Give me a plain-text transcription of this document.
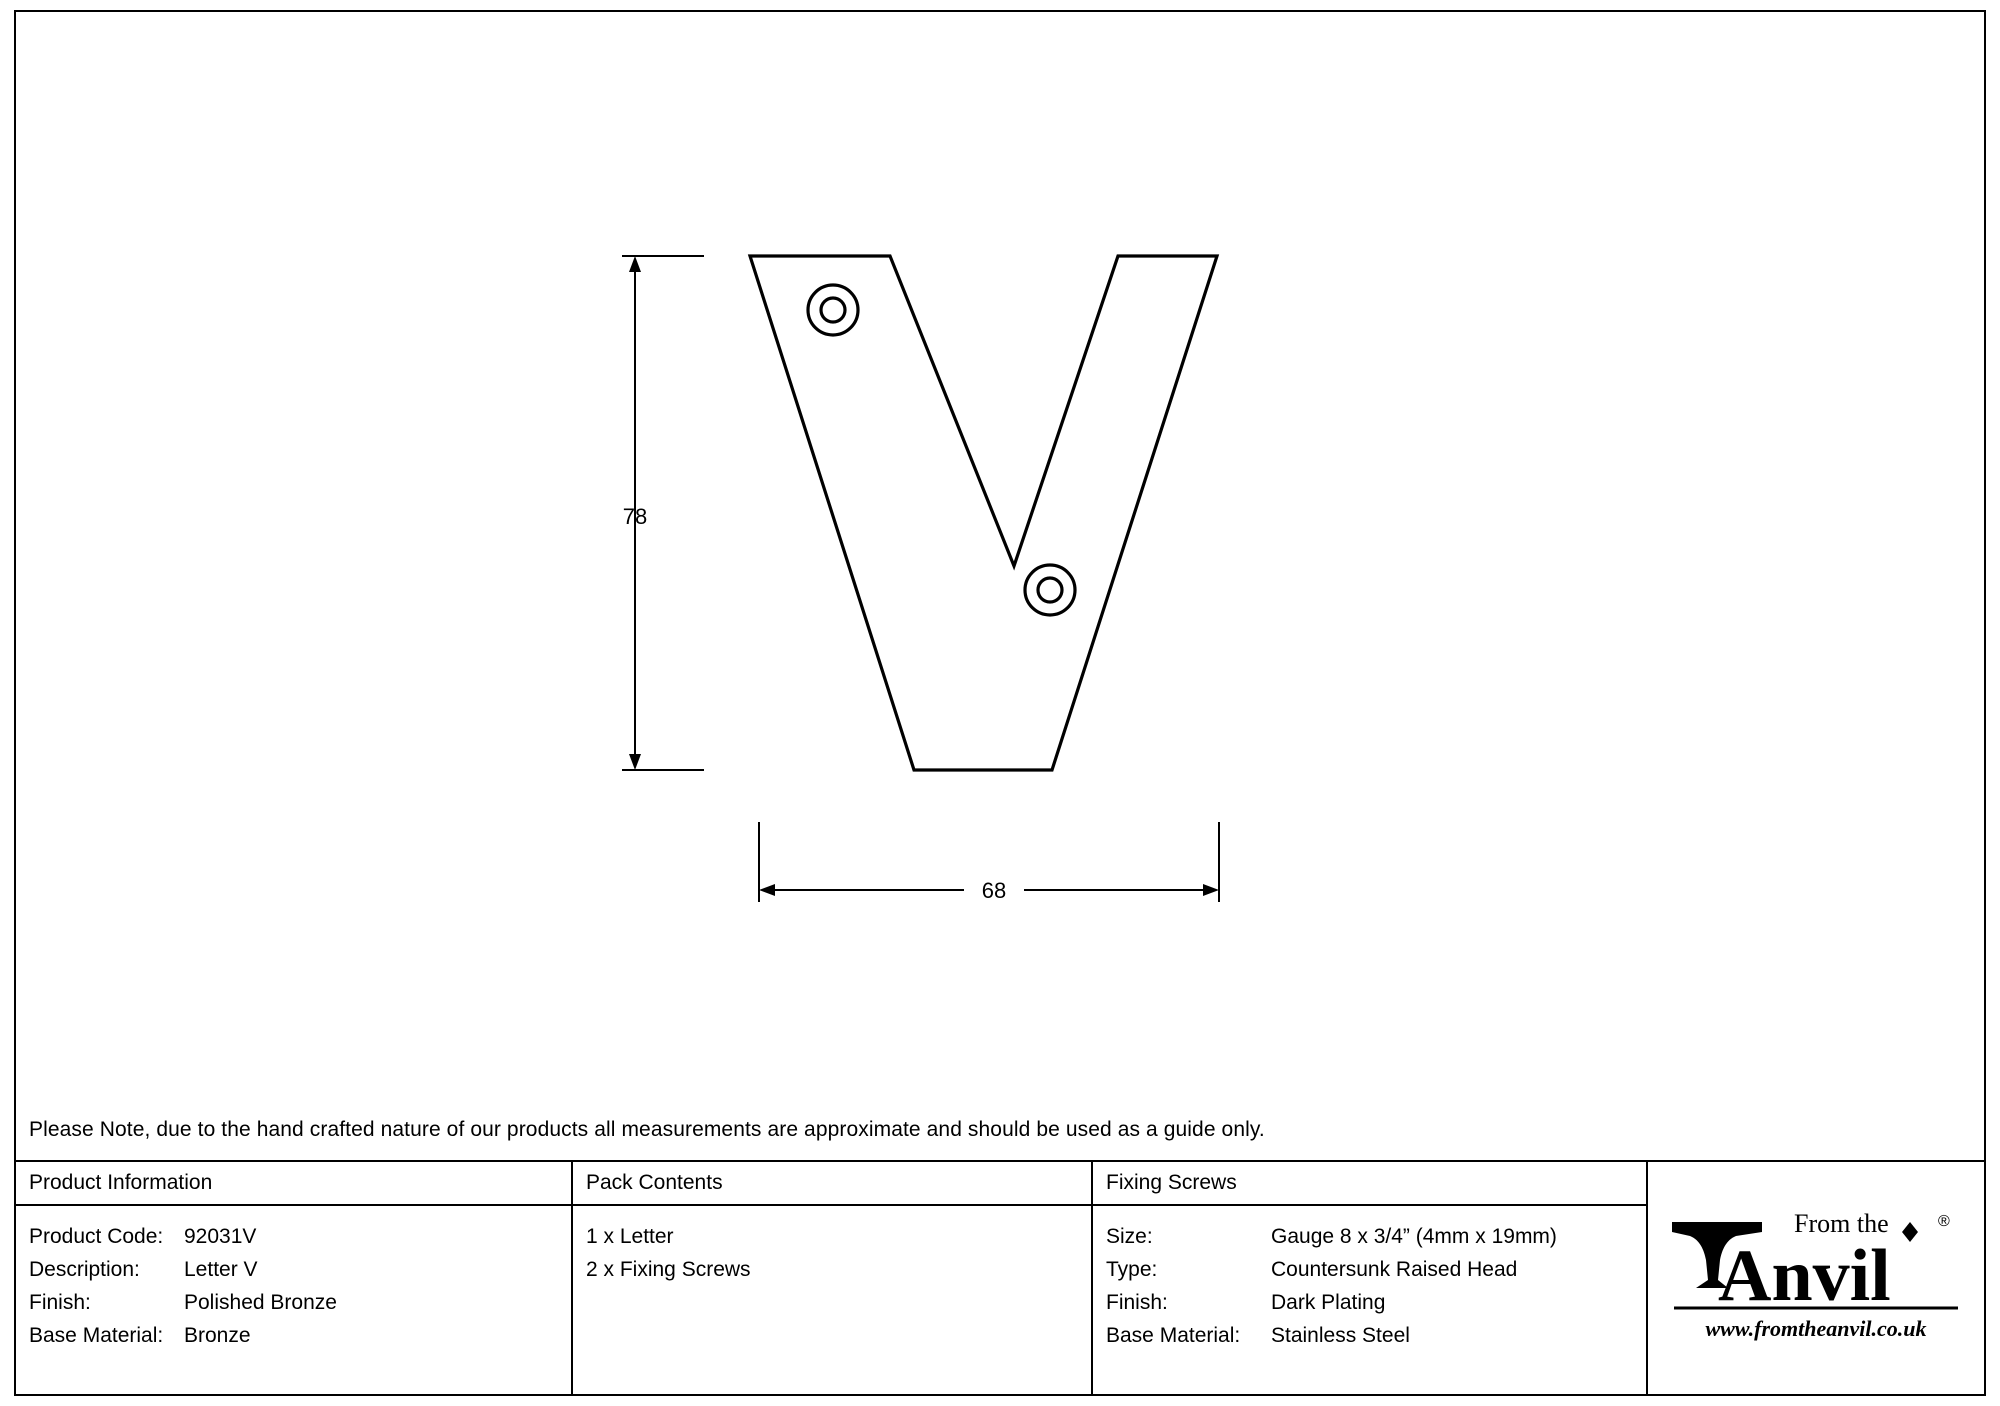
78
68
Please Note, due to the hand crafted nature of our products all measurements are approximate and should be used as a guide only.
Product Information
Product Code: 92031V
Description:	Letter V
Finish:	Polished Bronze
Base Material: Bronze
Pack Contents
1 x Letter
2 x Fixing Screws
Fixing Screws
Size:	Gauge 8 x 3/4” (4mm x 19mm)
Type:	Countersunk Raised Head
Finish:	Dark Plating
Base Material:	Stainless Steel
From the	®
Anvil
www.fromtheanvil.co.uk
